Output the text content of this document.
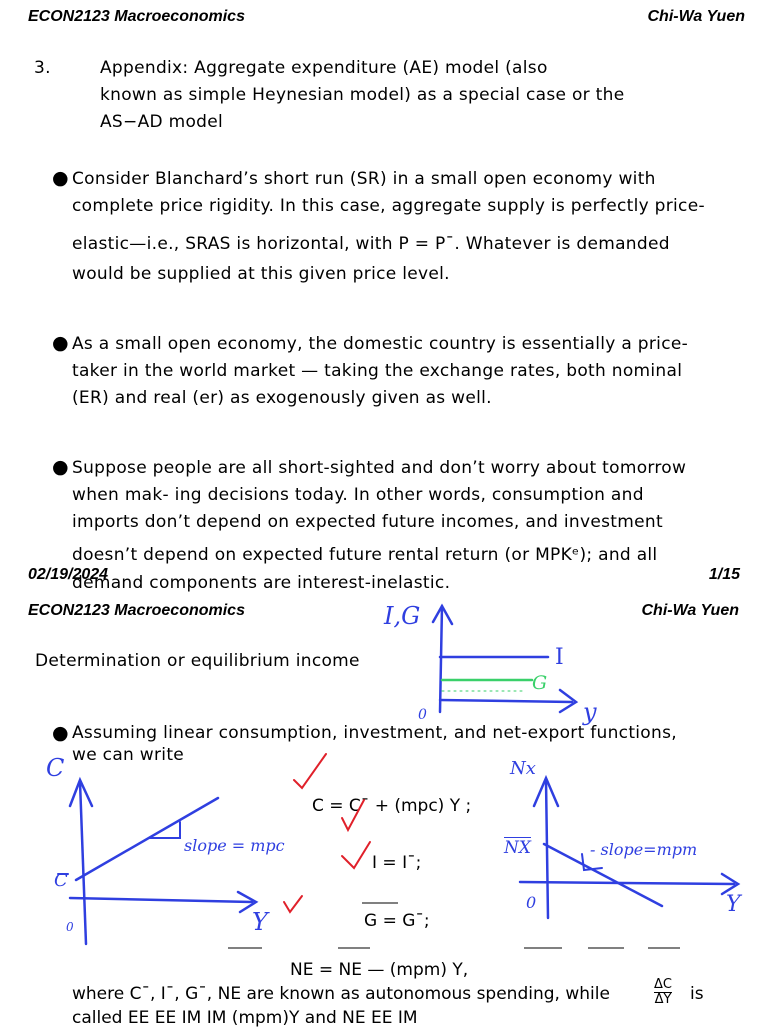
ECON2123 Macroeconomics	Chi-Wa Yuen
3.	Appendix: Aggregate expenditure (AE) model (also
known as simple Heynesian model) as a special case or the
AS−AD model
● Consider Blanchard’s short run (SR) in a small open economy with
complete price rigidity. In this case, aggregate supply is perfectly price-
elastic—i.e., SRAS is horizontal, with P = P¯. Whatever is demanded
would be supplied at this given price level.
● As a small open economy, the domestic country is essentially a price-
taker in the world market — taking the exchange rates, both nominal
(ER) and real (er) as exogenously given as well.
● Suppose people are all short-sighted and don’t worry about tomorrow
when mak- ing decisions today. In other words, consumption and
imports don’t depend on expected future incomes, and investment
doesn’t depend on expected future rental return (or MPKᵉ); and all
demand components are interest-inelastic.
02/19/2024	1/15
ECON2123 Macroeconomics	Chi-Wa Yuen
Determination or equilibrium income
● Assuming linear consumption, investment, and net-export functions,
we can write
C = C¯ + (mpc) Y ;
I = I¯;
G = G¯;
NE = NE — (mpm) Y,
where C¯, I¯, G¯, NE are known as autonomous spending, while	$\frac{\Delta C}{\Delta Y}$ is
called EE EE IM IM (mpm)Y and NE EE IM
I,G
I
G
y
0
C
C
slope = mpc
Y
0
Nx
$\overline{NX}$	- slope=mpm
Y
0
